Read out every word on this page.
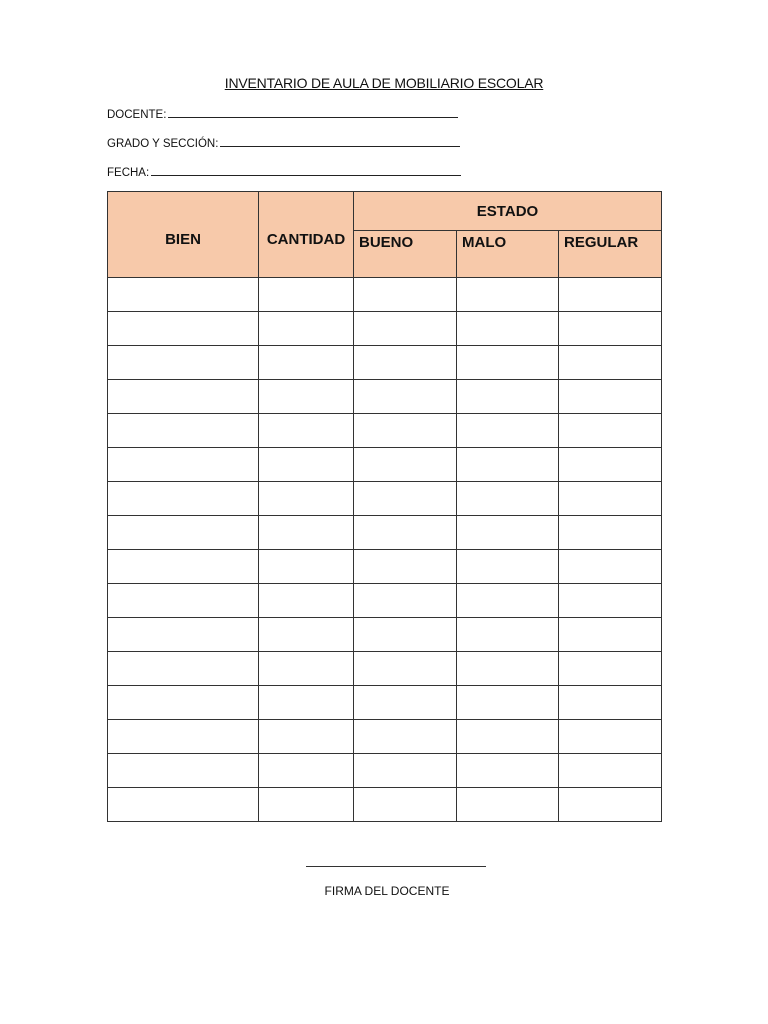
INVENTARIO DE AULA DE MOBILIARIO ESCOLAR
DOCENTE:
GRADO Y SECCIÓN:
FECHA:
BIEN	CANTIDAD	ESTADO		
		BUENO	MALO	REGULAR

FIRMA DEL DOCENTE
